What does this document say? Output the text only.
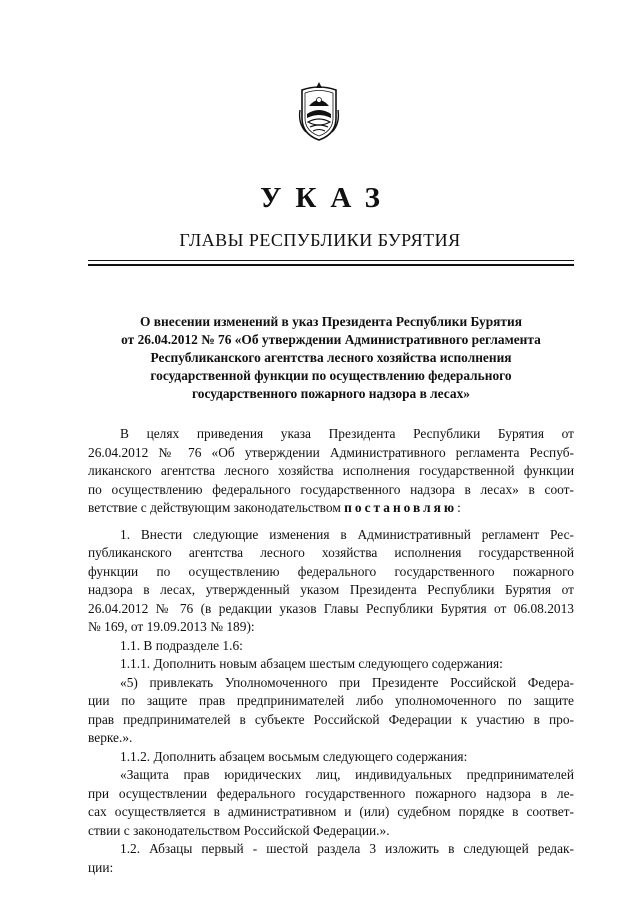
УКАЗ
ГЛАВЫ РЕСПУБЛИКИ БУРЯТИЯ
О внесении изменений в указ Президента Республики Бурятия
от 26.04.2012 № 76 «Об утверждении Административного регламента
Республиканского агентства лесного хозяйства исполнения
государственной функции по осуществлению федерального
государственного пожарного надзора в лесах»
В целях приведения указа Президента Республики Бурятия от
26.04.2012 № 76 «Об утверждении Административного регламента Респуб-
ликанского агентства лесного хозяйства исполнения государственной функции
по осуществлению федерального государственного надзора в лесах» в соот-
ветствие с действующим законодательством постановляю:
1. Внести следующие изменения в Административный регламент Рес-
публиканского агентства лесного хозяйства исполнения государственной
функции по осуществлению федерального государственного пожарного
надзора в лесах, утвержденный указом Президента Республики Бурятия от
26.04.2012 № 76 (в редакции указов Главы Республики Бурятия от 06.08.2013
№ 169, от 19.09.2013 № 189):
1.1. В подразделе 1.6:
1.1.1. Дополнить новым абзацем шестым следующего содержания:
«5) привлекать Уполномоченного при Президенте Российской Федера-
ции по защите прав предпринимателей либо уполномоченного по защите
прав предпринимателей в субъекте Российской Федерации к участию в про-
верке.».
1.1.2. Дополнить абзацем восьмым следующего содержания:
«Защита прав юридических лиц, индивидуальных предпринимателей
при осуществлении федерального государственного пожарного надзора в ле-
сах осуществляется в административном и (или) судебном порядке в соответ-
ствии с законодательством Российской Федерации.».
1.2. Абзацы первый - шестой раздела 3 изложить в следующей редак-
ции:
